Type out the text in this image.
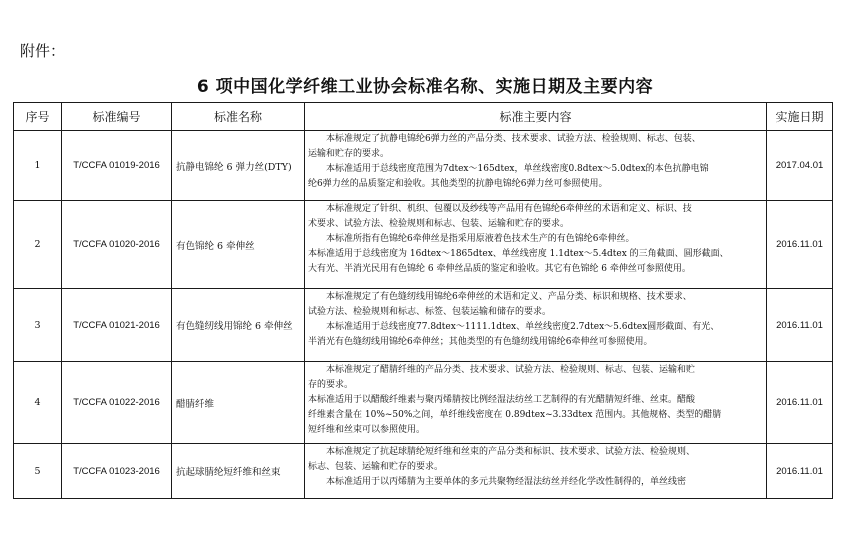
附件：
6 项中国化学纤维工业协会标准名称、实施日期及主要内容
序号	标准编号	标准名称	标准主要内容	实施日期
1	T/CCFA 01019-2016	抗静电锦纶 6 弹力丝(DTY)	本标准规定了抗静电锦纶6弹力丝的产品分类、技术要求、试验方法、检验规则、标志、包装、

运输和贮存的要求。

本标准适用于总线密度范围为7dtex～165dtex，单丝线密度0.8dtex～5.0dtex的本色抗静电锦

纶6弹力丝的品质鉴定和验收。其他类型的抗静电锦纶6弹力丝可参照使用。	2017.04.01
2	T/CCFA 01020-2016	有色锦纶 6 牵伸丝	本标准规定了针织、机织、包覆以及纱线等产品用有色锦纶6牵伸丝的术语和定义、标识、技

术要求、试验方法、检验规则和标志、包装、运输和贮存的要求。

本标准所指有色锦纶6牵伸丝是指采用原液着色技术生产的有色锦纶6牵伸丝。

本标准适用于总线密度为 16dtex～1865dtex、单丝线密度 1.1dtex～5.4dtex 的三角截面、圆形截面、

大有光、半消光民用有色锦纶 6 牵伸丝品质的鉴定和验收。其它有色锦纶 6 牵伸丝可参照使用。	2016.11.01
3	T/CCFA 01021-2016	有色缝纫线用锦纶 6 牵伸丝	本标准规定了有色缝纫线用锦纶6牵伸丝的术语和定义、产品分类、标识和规格、技术要求、

试验方法、检验规则和标志、标签、包装运输和储存的要求。

本标准适用于总线密度77.8dtex～1111.1dtex、单丝线密度2.7dtex～5.6dtex圆形截面、有光、

半消光有色缝纫线用锦纶6牵伸丝；其他类型的有色缝纫线用锦纶6牵伸丝可参照使用。	2016.11.01
4	T/CCFA 01022-2016	醋腈纤维	本标准规定了醋腈纤维的产品分类、技术要求、试验方法、检验规则、标志、包装、运输和贮

存的要求。

本标准适用于以醋酸纤维素与聚丙烯腈按比例经湿法纺丝工艺制得的有光醋腈短纤维、丝束。醋酸

纤维素含量在 10%~50%之间，单纤维线密度在 0.89dtex~3.33dtex 范围内。其他规格、类型的醋腈

短纤维和丝束可以参照使用。	2016.11.01
5	T/CCFA 01023-2016	抗起球腈纶短纤维和丝束	本标准规定了抗起球腈纶短纤维和丝束的产品分类和标识、技术要求、试验方法、检验规则、

标志、包装、运输和贮存的要求。

本标准适用于以丙烯腈为主要单体的多元共聚物经湿法纺丝并经化学改性制得的，单丝线密	2016.11.01
